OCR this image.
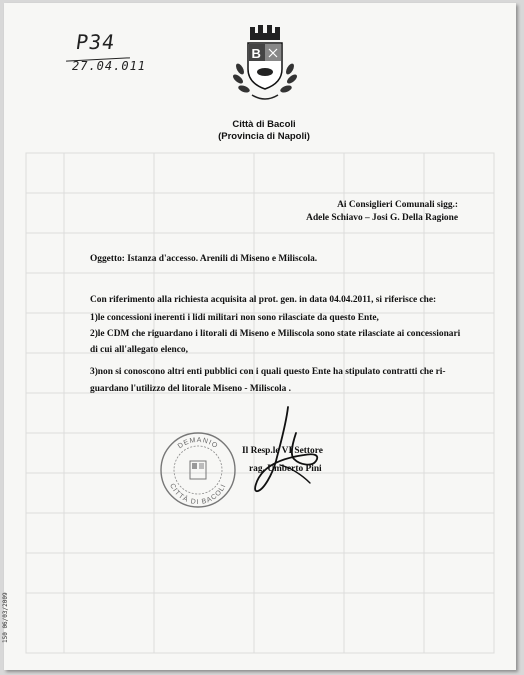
P34
27.04.011
B
Città di Bacoli
(Provincia di Napoli)
Ai Consiglieri Comunali sigg.:
Adele Schiavo – Josi G. Della Ragione
Oggetto: Istanza d'accesso. Arenili di Miseno e Miliscola.
Con riferimento alla richiesta acquisita al prot. gen. in data 04.04.2011, si riferisce che:
1)le concessioni inerenti i lidi militari non sono rilasciate da questo Ente,
2)le CDM che riguardano i litorali di Miseno e Miliscola sono state rilasciate ai concessionari
di cui all'allegato elenco,
3)non si conoscono altri enti pubblici con i quali questo Ente ha stipulato contratti che ri-
guardano l'utilizzo del litorale Miseno - Miliscola .
DEMANIO
CITTÀ DI BACOLI
Il Resp.le VI Settore
rag. Umberto Pini
150 06/03/2009
